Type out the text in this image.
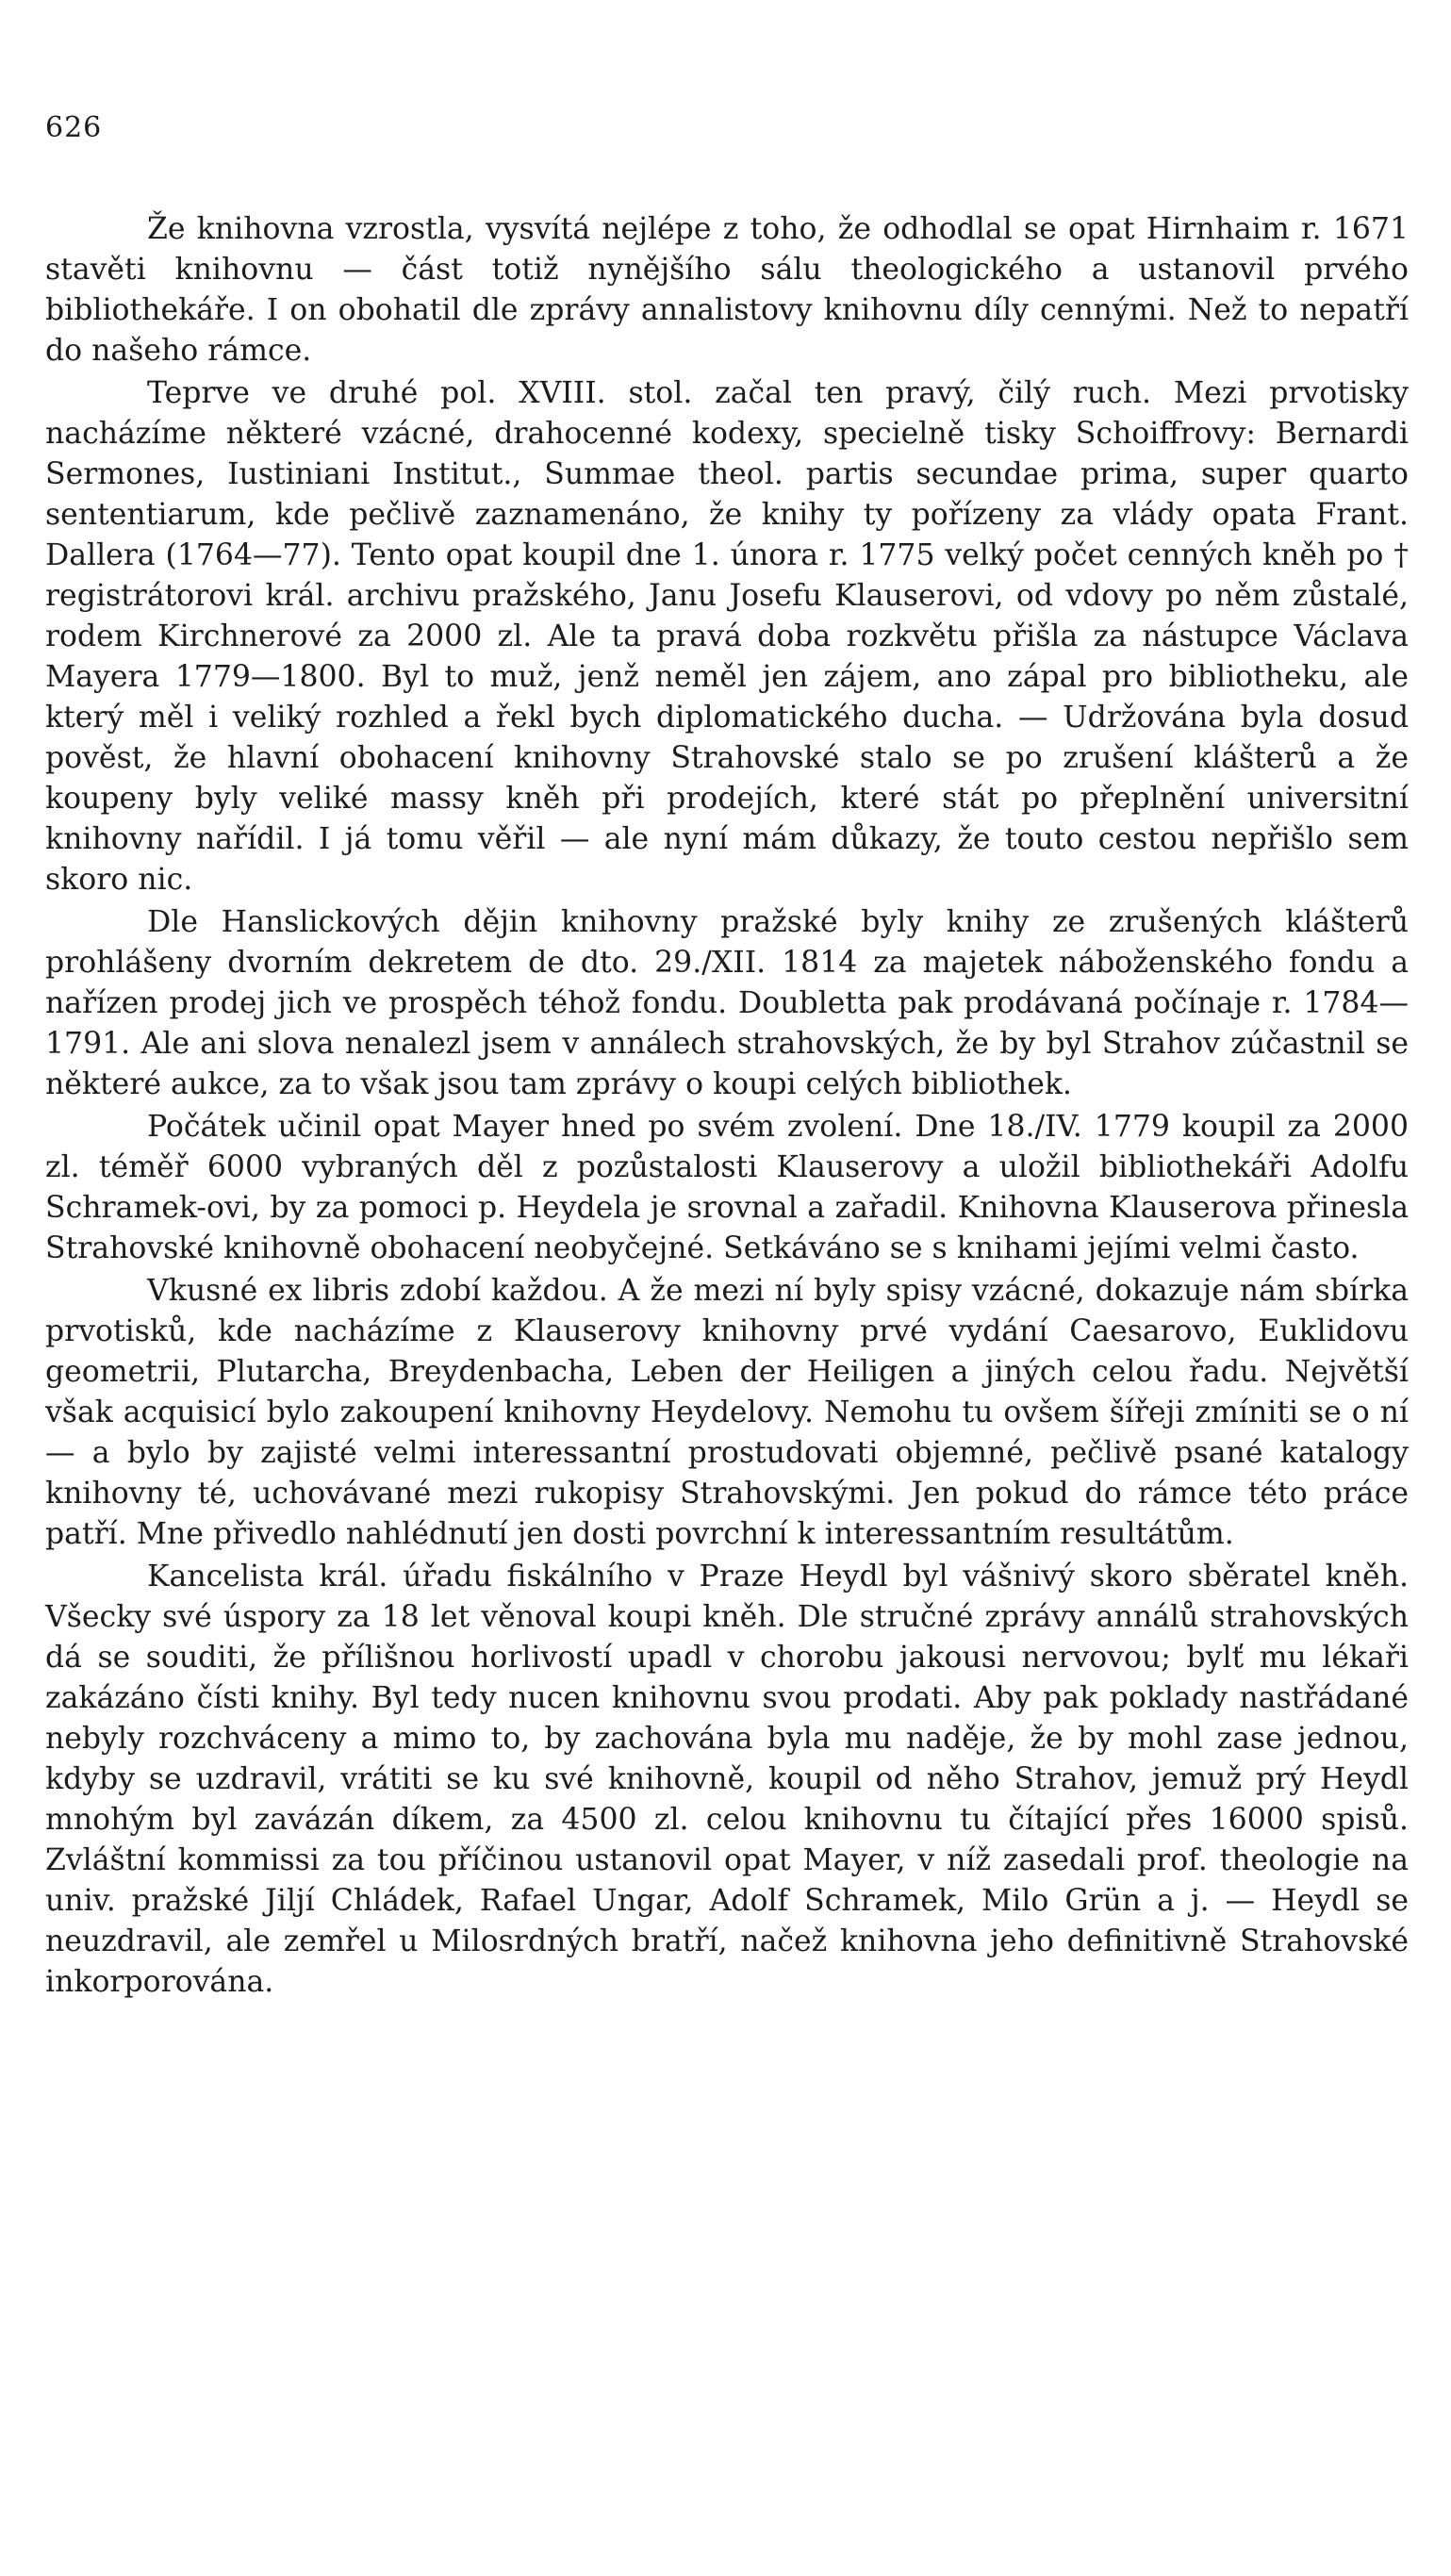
626

Že knihovna vzrostla, vysvítá nejlépe z toho, že odhodlal se opat Hirnhaim r. 1671 stavěti knihovnu — část totiž nynějšího sálu theologického a ustanovil prvého bibliothekáře. I on obohatil dle zprávy annalistovy knihovnu díly cennými. Než to nepatří do našeho rámce.

Teprve ve druhé pol. XVIII. stol. začal ten pravý, čilý ruch. Mezi prvotisky nacházíme některé vzácné, drahocenné kodexy, specielně tisky Schoiffrovy: Bernardi Sermones, Iustiniani Institut., Summae theol. partis secundae prima, super quarto sententiarum, kde pečlivě zaznamenáno, že knihy ty pořízeny za vlády opata Frant. Dallera (1764—77). Tento opat koupil dne 1. února r. 1775 velký počet cenných kněh po † registrátorovi král. archivu pražského, Janu Josefu Klauserovi, od vdovy po něm zůstalé, rodem Kirchnerové za 2000 zl. Ale ta pravá doba rozkvětu přišla za nástupce Václava Mayera 1779—1800. Byl to muž, jenž neměl jen zájem, ano zápal pro bibliotheku, ale který měl i veliký rozhled a řekl bych diplomatického ducha. — Udržována byla dosud pověst, že hlavní obohacení knihovny Strahovské stalo se po zrušení klášterů a že koupeny byly veliké massy kněh při prodejích, které stát po přeplnění universitní knihovny nařídil. I já tomu věřil — ale nyní mám důkazy, že touto cestou nepřišlo sem skoro nic.

Dle Hanslickových dějin knihovny pražské byly knihy ze zrušených klášterů prohlášeny dvorním dekretem de dto. 29./XII. 1814 za majetek náboženského fondu a nařízen prodej jich ve prospěch téhož fondu. Doubletta pak prodávaná počínaje r. 1784—1791. Ale ani slova nenalezl jsem v annálech strahovských, že by byl Strahov zúčastnil se některé aukce, za to však jsou tam zprávy o koupi celých bibliothek.

Počátek učinil opat Mayer hned po svém zvolení. Dne 18./IV. 1779 koupil za 2000 zl. téměř 6000 vybraných děl z pozůstalosti Klauserovy a uložil bibliothekáři Adolfu Schramek-ovi, by za pomoci p. Heydela je srovnal a zařadil. Knihovna Klauserova přinesla Strahovské knihovně obohacení neobyčejné. Setkáváno se s knihami jejími velmi často.

Vkusné ex libris zdobí každou. A že mezi ní byly spisy vzácné, dokazuje nám sbírka prvotisků, kde nacházíme z Klauserovy knihovny prvé vydání Caesarovo, Euklidovu geometrii, Plutarcha, Breydenbacha, Leben der Heiligen a jiných celou řadu. Největší však acquisicí bylo zakoupení knihovny Heydelovy. Nemohu tu ovšem šířeji zmíniti se o ní — a bylo by zajisté velmi interessantní prostudovati objemné, pečlivě psané katalogy knihovny té, uchovávané mezi rukopisy Strahovskými. Jen pokud do rámce této práce patří. Mne přivedlo nahlédnutí jen dosti povrchní k interessantním resultátům.

Kancelista král. úřadu fiskálního v Praze Heydl byl vášnivý skoro sběratel kněh. Všecky své úspory za 18 let věnoval koupi kněh. Dle stručné zprávy annálů strahovských dá se souditi, že přílišnou horlivostí upadl v chorobu jakousi nervovou; bylť mu lékaři zakázáno čísti knihy. Byl tedy nucen knihovnu svou prodati. Aby pak poklady nastřádané nebyly rozchváceny a mimo to, by zachována byla mu naděje, že by mohl zase jednou, kdyby se uzdravil, vrátiti se ku své knihovně, koupil od něho Strahov, jemuž prý Heydl mnohým byl zavázán díkem, za 4500 zl. celou knihovnu tu čítající přes 16000 spisů. Zvláštní kommissi za tou příčinou ustanovil opat Mayer, v níž zasedali prof. theologie na univ. pražské Jiljí Chládek, Rafael Ungar, Adolf Schramek, Milo Grün a j. — Heydl se neuzdravil, ale zemřel u Milosrdných bratří, načež knihovna jeho definitivně Strahovské inkorporována.
